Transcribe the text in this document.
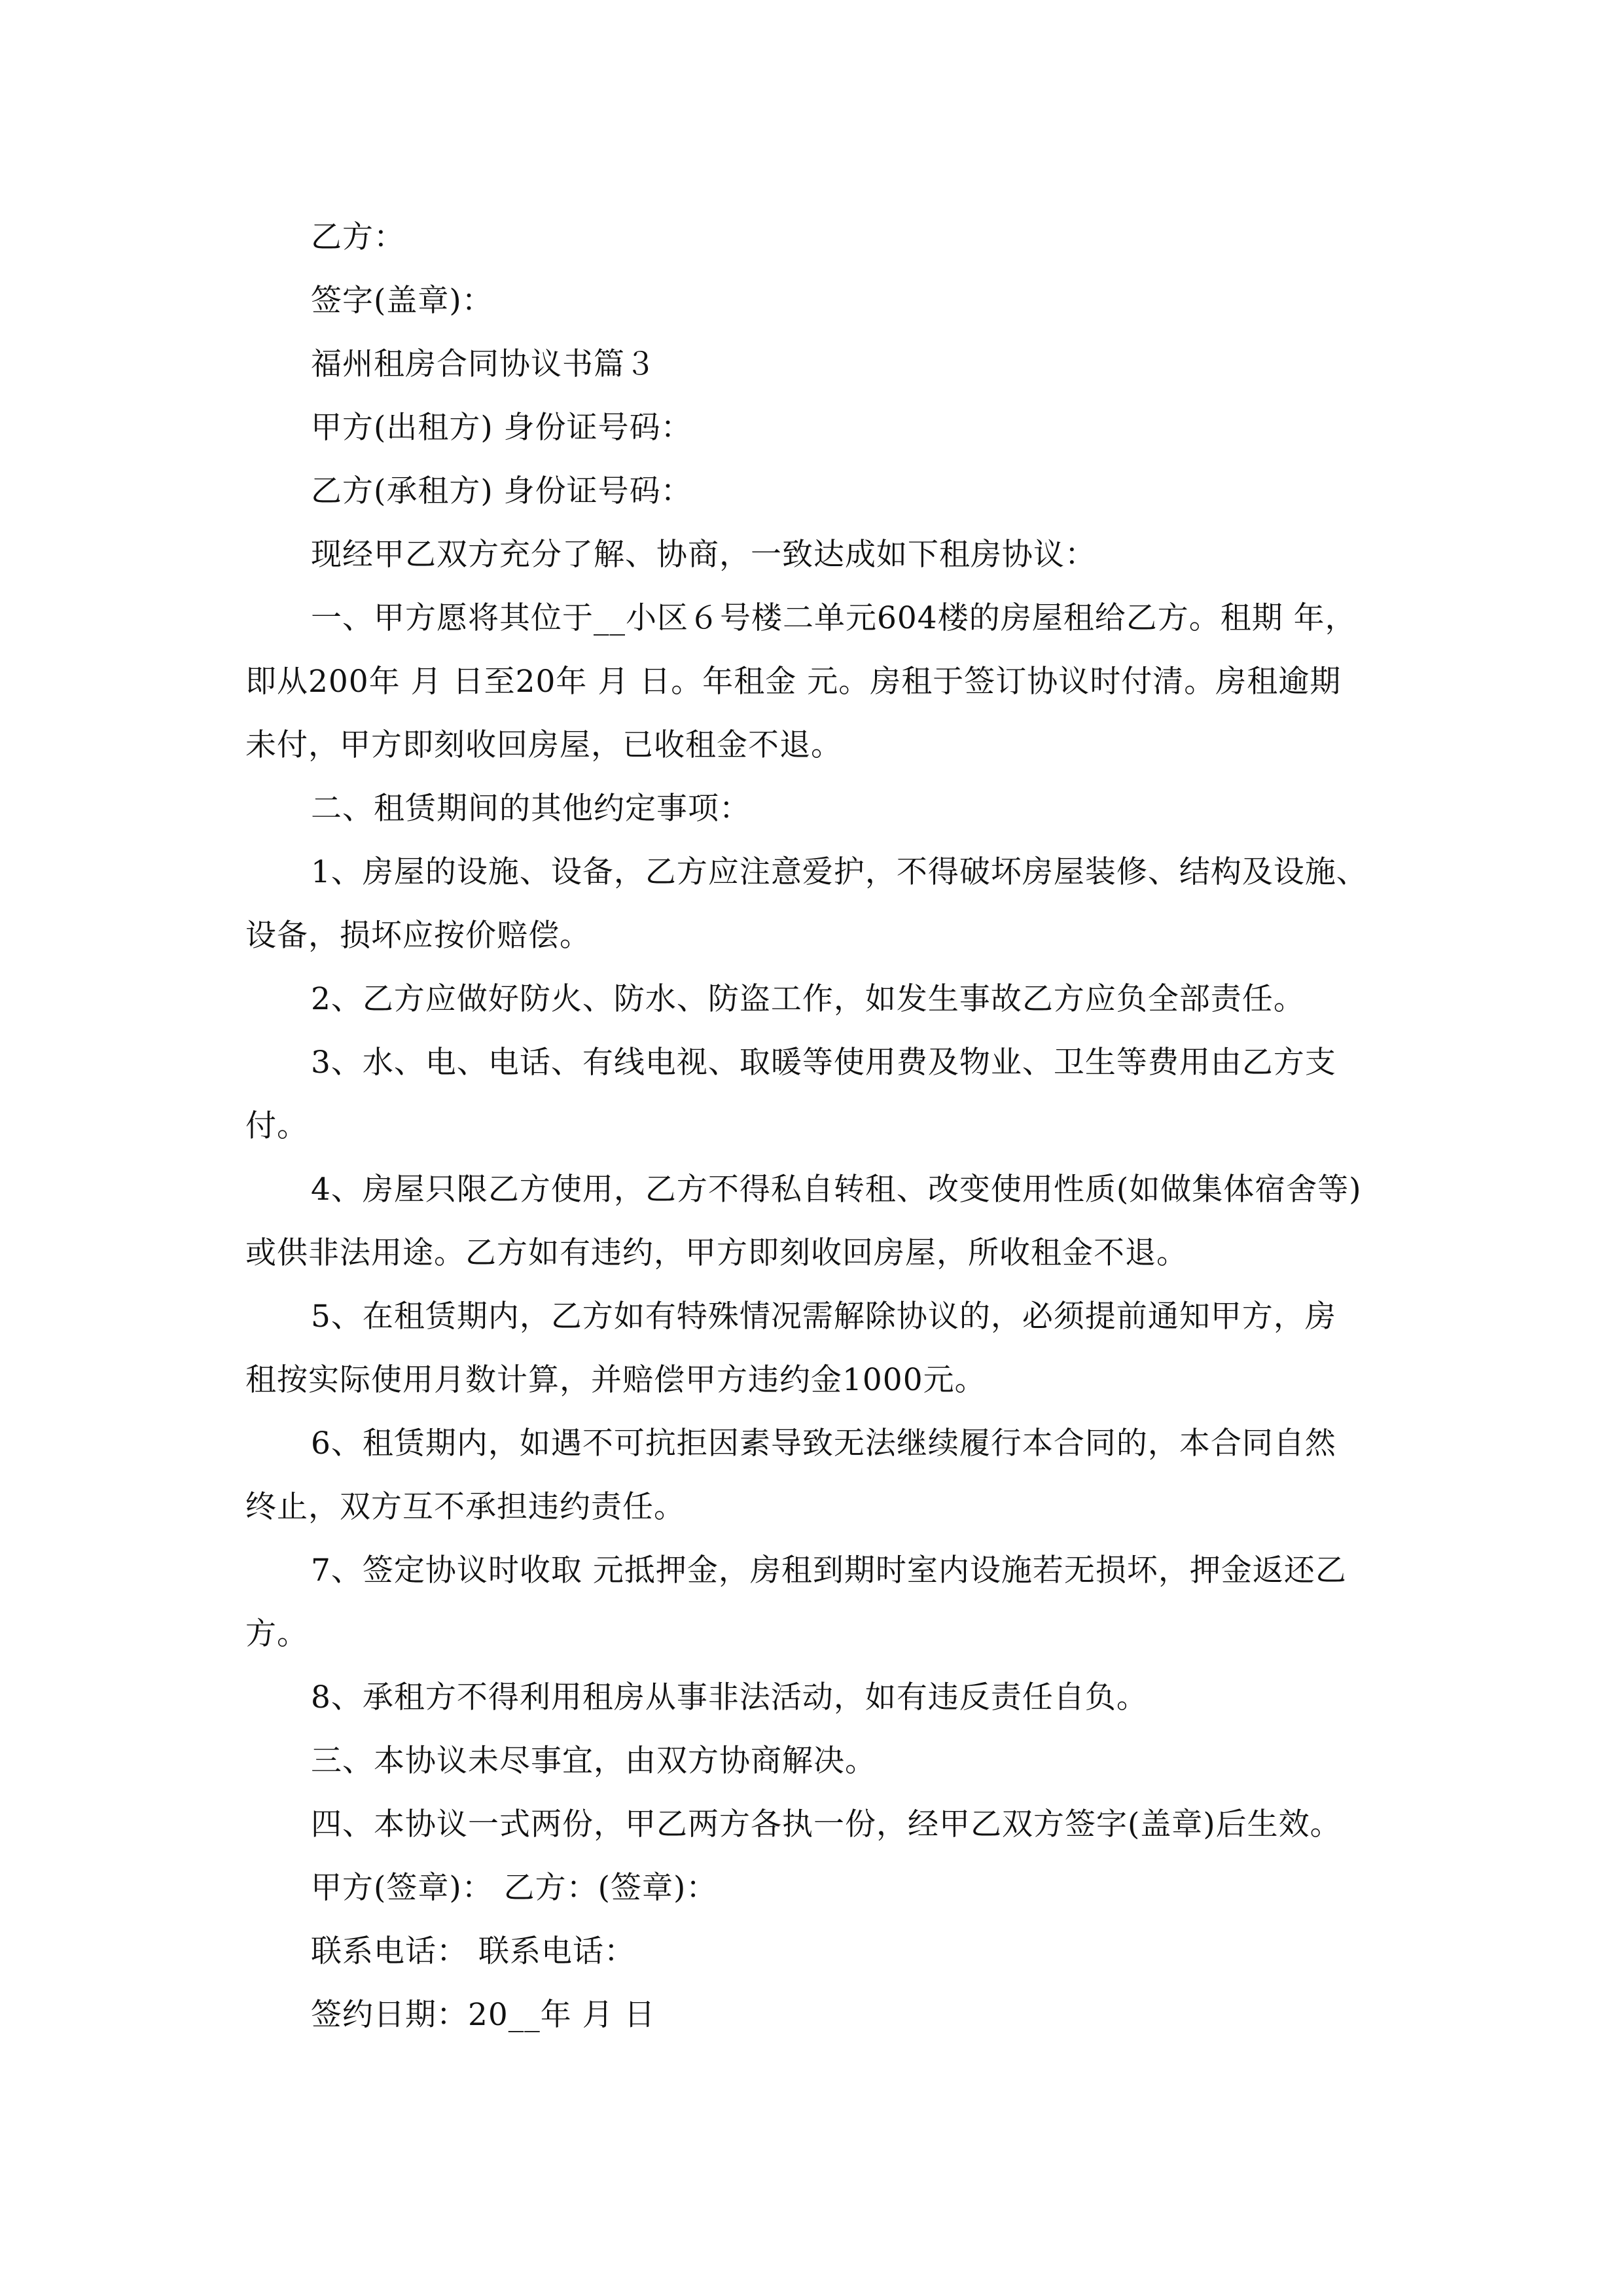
乙方：
签字(盖章)：
福州租房合同协议书篇３
甲方(出租方) 身份证号码：
乙方(承租方) 身份证号码：
现经甲乙双方充分了解、协商，一致达成如下租房协议：
一、甲方愿将其位于__小区６号楼二单元604楼的房屋租给乙方。租期 年，
即从200年 月 日至20年 月 日。年租金 元。房租于签订协议时付清。房租逾期
未付，甲方即刻收回房屋，已收租金不退。
二、租赁期间的其他约定事项：
1、房屋的设施、设备，乙方应注意爱护，不得破坏房屋装修、结构及设施、
设备，损坏应按价赔偿。
2、乙方应做好防火、防水、防盗工作，如发生事故乙方应负全部责任。
3、水、电、电话、有线电视、取暖等使用费及物业、卫生等费用由乙方支
付。
4、房屋只限乙方使用，乙方不得私自转租、改变使用性质(如做集体宿舍等)
或供非法用途。乙方如有违约，甲方即刻收回房屋，所收租金不退。
5、在租赁期内，乙方如有特殊情况需解除协议的，必须提前通知甲方，房
租按实际使用月数计算，并赔偿甲方违约金1000元。
6、租赁期内，如遇不可抗拒因素导致无法继续履行本合同的，本合同自然
终止，双方互不承担违约责任。
7、签定协议时收取 元抵押金，房租到期时室内设施若无损坏，押金返还乙
方。
8、承租方不得利用租房从事非法活动，如有违反责任自负。
三、本协议未尽事宜，由双方协商解决。
四、本协议一式两份，甲乙两方各执一份，经甲乙双方签字(盖章)后生效。
甲方(签章)： 乙方：(签章)：
联系电话： 联系电话：
签约日期：20__年 月 日
